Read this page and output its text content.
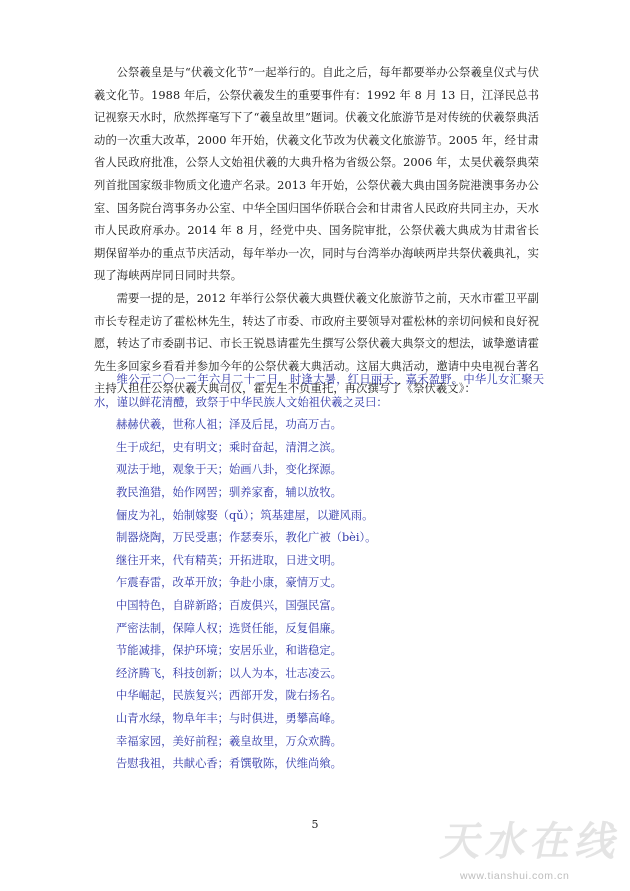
公祭羲皇是与“伏羲文化节”一起举行的。自此之后，每年都要举办公祭羲皇仪式与伏羲文化节。1988 年后，公祭伏羲发生的重要事件有：1992 年 8 月 13 日，江泽民总书记视察天水时，欣然挥毫写下了“羲皇故里”题词。伏羲文化旅游节是对传统的伏羲祭典活动的一次重大改革，2000 年开始，伏羲文化节改为伏羲文化旅游节。2005 年，经甘肃省人民政府批准，公祭人文始祖伏羲的大典升格为省级公祭。2006 年，太昊伏羲祭典荣列首批国家级非物质文化遗产名录。2013 年开始，公祭伏羲大典由国务院港澳事务办公室、国务院台湾事务办公室、中华全国归国华侨联合会和甘肃省人民政府共同主办，天水市人民政府承办。2014 年 8 月，经党中央、国务院审批，公祭伏羲大典成为甘肃省长期保留举办的重点节庆活动，每年举办一次，同时与台湾举办海峡两岸共祭伏羲典礼，实现了海峡两岸同日同时共祭。

需要一提的是，2012 年举行公祭伏羲大典暨伏羲文化旅游节之前，天水市霍卫平副市长专程走访了霍松林先生，转达了市委、市政府主要领导对霍松林的亲切问候和良好祝愿，转达了市委副书记、市长王锐恳请霍先生撰写公祭伏羲大典祭文的想法，诚挚邀请霍先生多回家乡看看并参加今年的公祭伏羲大典活动。这届大典活动，邀请中央电视台著名主持人担任公祭伏羲大典司仪，霍先生不负重托，再次撰写了《祭伏羲文》：

维公元二〇一二年六月二十二日，时逢大暑，红日丽天，嘉禾盈野。中华儿女汇聚天水，谨以鲜花清醴，致祭于中华民族人文始祖伏羲之灵曰：

赫赫伏羲，世称人祖；泽及后昆，功高万古。

生于成纪，史有明文；乘时奋起，清渭之滨。

观法于地，观象于天；始画八卦，变化探源。

教民渔猎，始作网罟；驯养家畜，辅以放牧。

俪皮为礼，始制嫁娶（qǔ）；筑基建屋，以避风雨。

制器烧陶，万民受惠；作瑟奏乐，教化广被（bèi）。

继往开来，代有精英；开拓进取，日进文明。

乍震春雷，改革开放；争赴小康，豪情万丈。

中国特色，自辟新路；百废俱兴，国强民富。

严密法制，保障人权；选贤任能，反复倡廉。

节能减排，保护环境；安居乐业，和谐稳定。

经济腾飞，科技创新；以人为本，壮志凌云。

中华崛起，民族复兴；西部开发，陇右扬名。

山青水绿，物阜年丰；与时俱进，勇攀高峰。

幸福家园，美好前程；羲皇故里，万众欢腾。

告慰我祖，共献心香；肴馔敬陈，伏维尚飨。

5	天水在线
www.tianshui.com.cn
